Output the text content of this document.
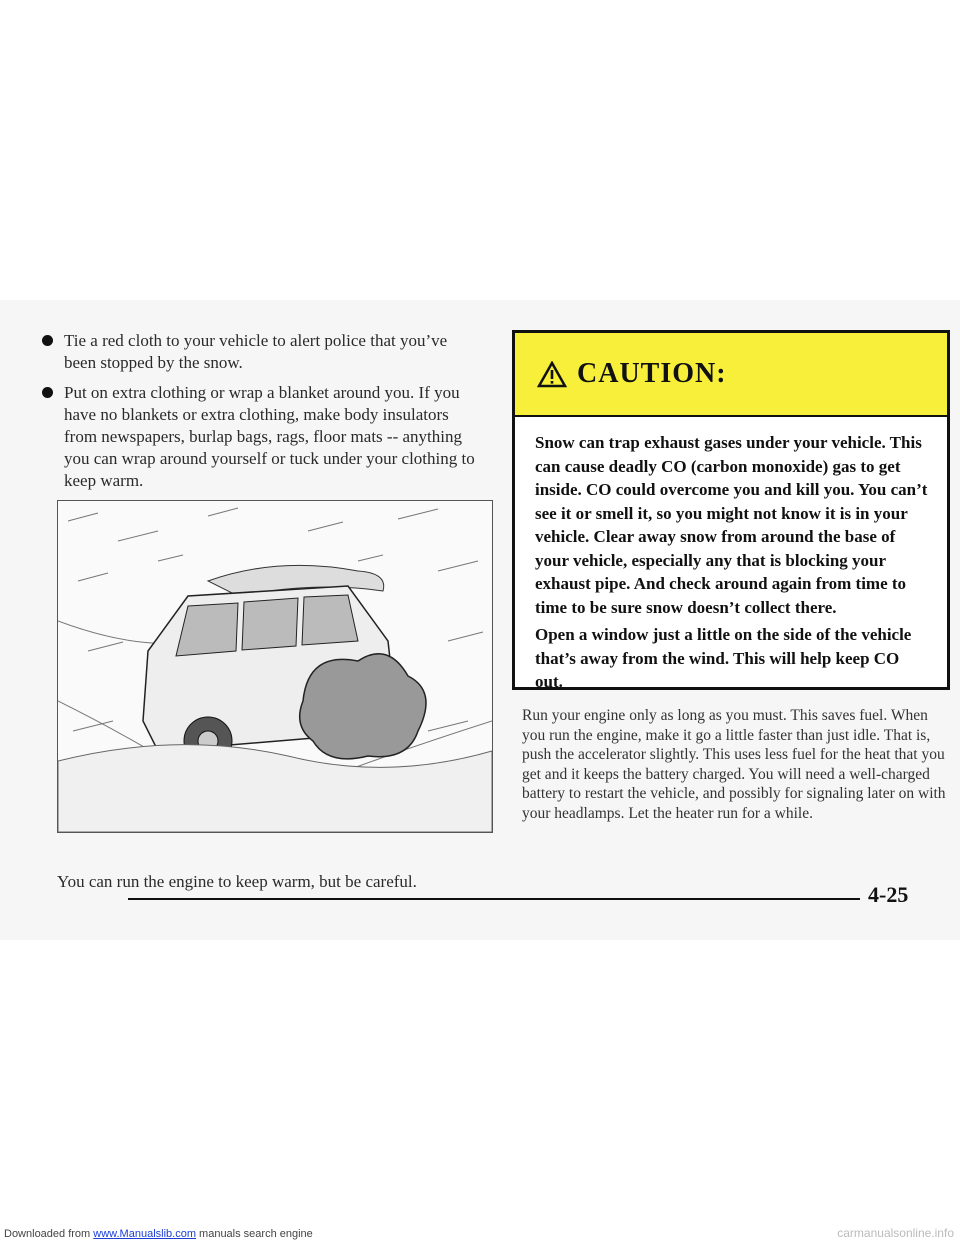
Tie a red cloth to your vehicle to alert police that you’ve been stopped by the snow.
Put on extra clothing or wrap a blanket around you. If you have no blankets or extra clothing, make body insulators from newspapers, burlap bags, rags, floor mats -- anything you can wrap around yourself or tuck under your clothing to keep warm.
You can run the engine to keep warm, but be careful.
CAUTION:

Snow can trap exhaust gases under your vehicle. This can cause deadly CO (carbon monoxide) gas to get inside. CO could overcome you and kill you. You can’t see it or smell it, so you might not know it is in your vehicle. Clear away snow from around the base of your vehicle, especially any that is blocking your exhaust pipe. And check around again from time to time to be sure snow doesn’t collect there.

Open a window just a little on the side of the vehicle that’s away from the wind. This will help keep CO out.

Run your engine only as long as you must. This saves fuel. When you run the engine, make it go a little faster than just idle. That is, push the accelerator slightly. This uses less fuel for the heat that you get and it keeps the battery charged. You will need a well-charged battery to restart the vehicle, and possibly for signaling later on with your headlamps. Let the heater run for a while.
4-25
Downloaded from www.Manualslib.com manuals search engine	carmanualsonline.info
